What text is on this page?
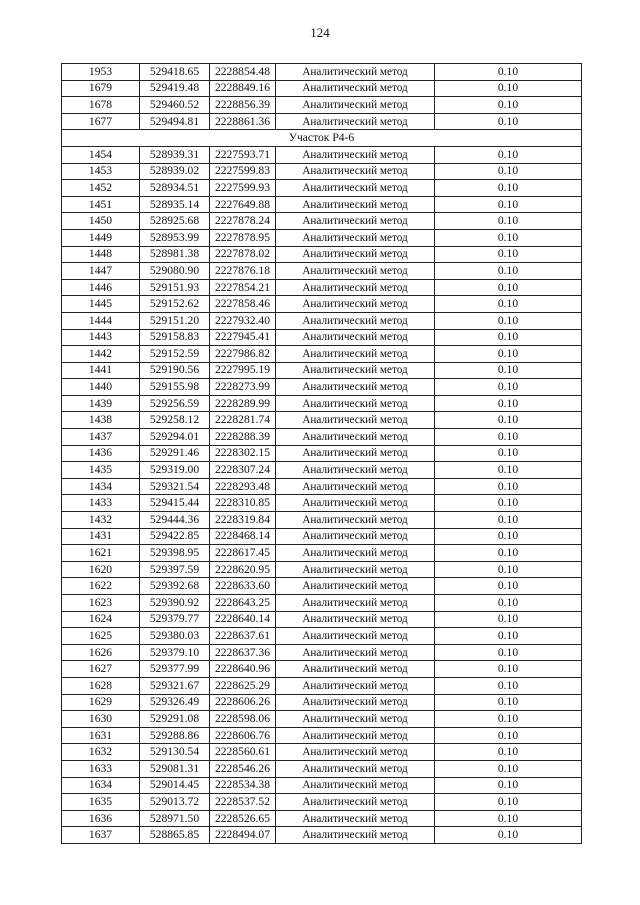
124
1953	529418.65	2228854.48	Аналитический метод	0.10
1679	529419.48	2228849.16	Аналитический метод	0.10
1678	529460.52	2228856.39	Аналитический метод	0.10
1677	529494.81	2228861.36	Аналитический метод	0.10
Участок Р4-6				
1454	528939.31	2227593.71	Аналитический метод	0.10
1453	528939.02	2227599.83	Аналитический метод	0.10
1452	528934.51	2227599.93	Аналитический метод	0.10
1451	528935.14	2227649.88	Аналитический метод	0.10
1450	528925.68	2227878.24	Аналитический метод	0.10
1449	528953.99	2227878.95	Аналитический метод	0.10
1448	528981.38	2227878.02	Аналитический метод	0.10
1447	529080.90	2227876.18	Аналитический метод	0.10
1446	529151.93	2227854.21	Аналитический метод	0.10
1445	529152.62	2227858.46	Аналитический метод	0.10
1444	529151.20	2227932.40	Аналитический метод	0.10
1443	529158.83	2227945.41	Аналитический метод	0.10
1442	529152.59	2227986.82	Аналитический метод	0.10
1441	529190.56	2227995.19	Аналитический метод	0.10
1440	529155.98	2228273.99	Аналитический метод	0.10
1439	529256.59	2228289.99	Аналитический метод	0.10
1438	529258.12	2228281.74	Аналитический метод	0.10
1437	529294.01	2228288.39	Аналитический метод	0.10
1436	529291.46	2228302.15	Аналитический метод	0.10
1435	529319.00	2228307.24	Аналитический метод	0.10
1434	529321.54	2228293.48	Аналитический метод	0.10
1433	529415.44	2228310.85	Аналитический метод	0.10
1432	529444.36	2228319.84	Аналитический метод	0.10
1431	529422.85	2228468.14	Аналитический метод	0.10
1621	529398.95	2228617.45	Аналитический метод	0.10
1620	529397.59	2228620.95	Аналитический метод	0.10
1622	529392.68	2228633.60	Аналитический метод	0.10
1623	529390.92	2228643.25	Аналитический метод	0.10
1624	529379.77	2228640.14	Аналитический метод	0.10
1625	529380.03	2228637.61	Аналитический метод	0.10
1626	529379.10	2228637.36	Аналитический метод	0.10
1627	529377.99	2228640.96	Аналитический метод	0.10
1628	529321.67	2228625.29	Аналитический метод	0.10
1629	529326.49	2228606.26	Аналитический метод	0.10
1630	529291.08	2228598.06	Аналитический метод	0.10
1631	529288.86	2228606.76	Аналитический метод	0.10
1632	529130.54	2228560.61	Аналитический метод	0.10
1633	529081.31	2228546.26	Аналитический метод	0.10
1634	529014.45	2228534.38	Аналитический метод	0.10
1635	529013.72	2228537.52	Аналитический метод	0.10
1636	528971.50	2228526.65	Аналитический метод	0.10
1637	528865.85	2228494.07	Аналитический метод	0.10
